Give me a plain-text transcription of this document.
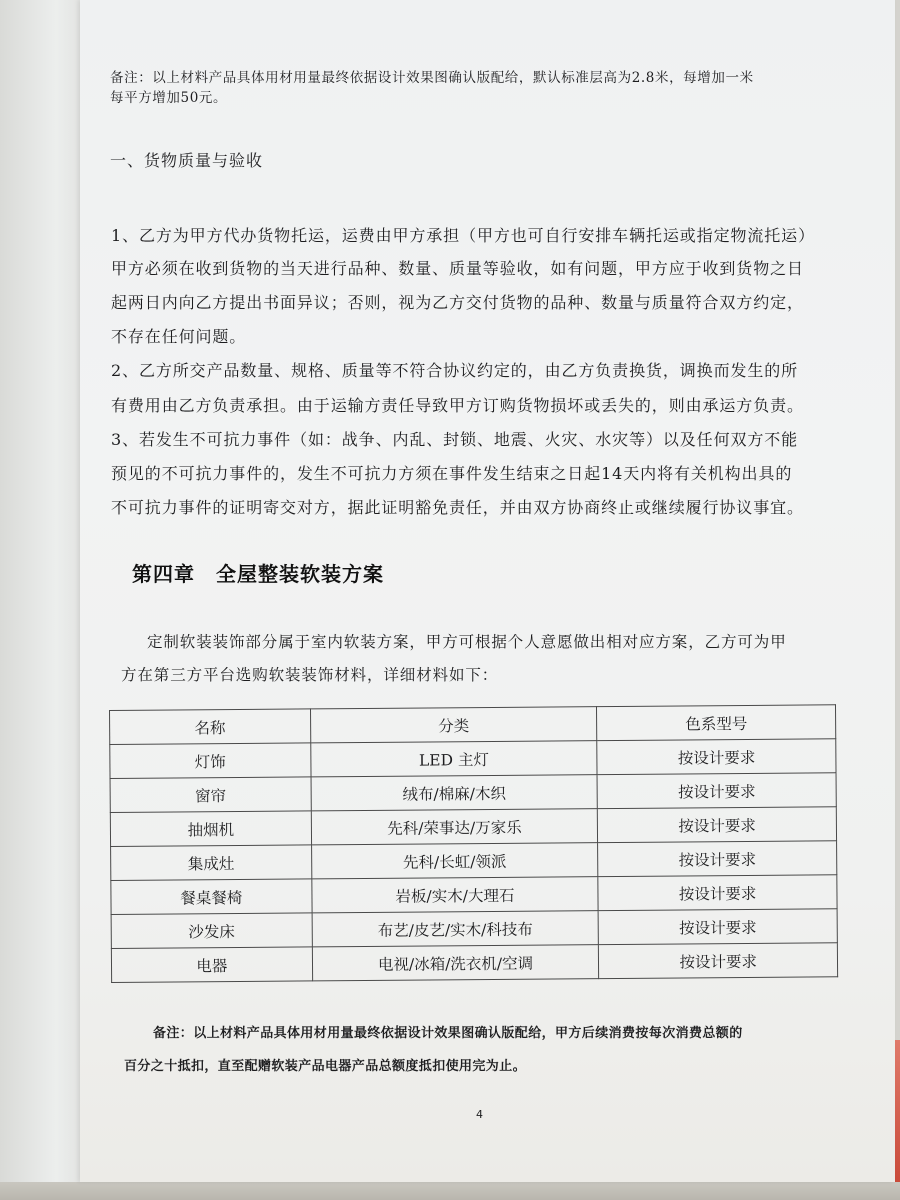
备注：以上材料产品具体用材用量最终依据设计效果图确认版配给，默认标准层高为2.8米，每增加一米
每平方增加50元。
一、货物质量与验收
1、乙方为甲方代办货物托运，运费由甲方承担（甲方也可自行安排车辆托运或指定物流托运）
甲方必须在收到货物的当天进行品种、数量、质量等验收，如有问题，甲方应于收到货物之日
起两日内向乙方提出书面异议；否则，视为乙方交付货物的品种、数量与质量符合双方约定，
不存在任何问题。
2、乙方所交产品数量、规格、质量等不符合协议约定的，由乙方负责换货，调换而发生的所
有费用由乙方负责承担。由于运输方责任导致甲方订购货物损坏或丢失的，则由承运方负责。
3、若发生不可抗力事件（如：战争、内乱、封锁、地震、火灾、水灾等）以及任何双方不能
预见的不可抗力事件的，发生不可抗力方须在事件发生结束之日起14天内将有关机构出具的
不可抗力事件的证明寄交对方，据此证明豁免责任，并由双方协商终止或继续履行协议事宜。
第四章　全屋整装软装方案
定制软装装饰部分属于室内软装方案，甲方可根据个人意愿做出相对应方案，乙方可为甲
方在第三方平台选购软装装饰材料，详细材料如下：
名称	分类	色系型号
灯饰	LED 主灯	按设计要求
窗帘	绒布/棉麻/木织	按设计要求
抽烟机	先科/荣事达/万家乐	按设计要求
集成灶	先科/长虹/领派	按设计要求
餐桌餐椅	岩板/实木/大理石	按设计要求
沙发床	布艺/皮艺/实木/科技布	按设计要求
电器	电视/冰箱/洗衣机/空调	按设计要求
备注：以上材料产品具体用材用量最终依据设计效果图确认版配给，甲方后续消费按每次消费总额的
百分之十抵扣，直至配赠软装产品电器产品总额度抵扣使用完为止。
4
